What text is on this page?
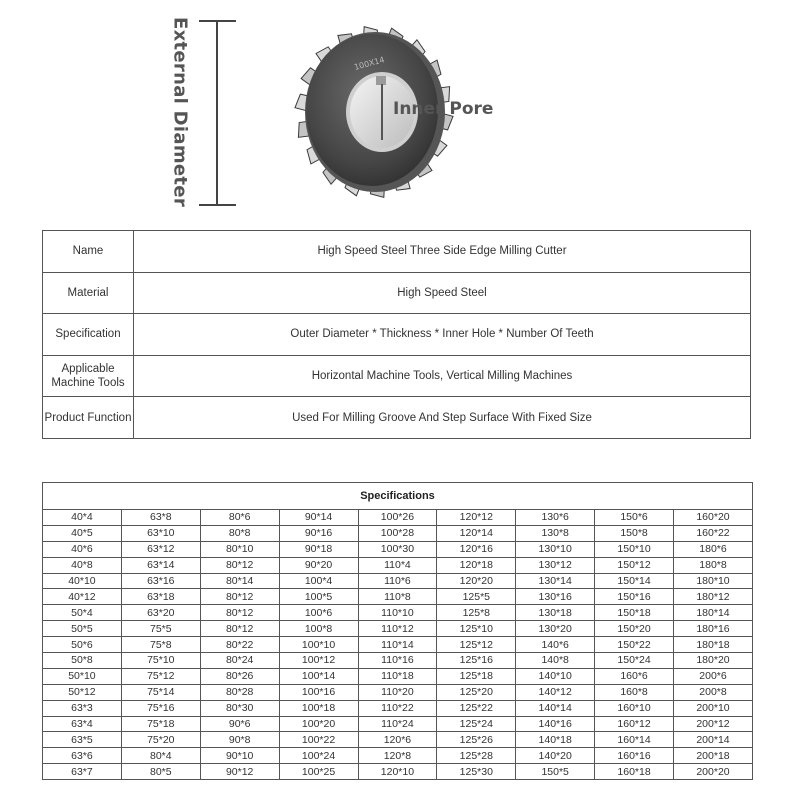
100X14
External Diameter	Inner Pore
Name	High Speed Steel Three Side Edge Milling Cutter
Material	High Speed Steel
Specification	Outer Diameter * Thickness * Inner Hole * Number Of Teeth
Applicable Machine Tools	Horizontal Machine Tools, Vertical Milling Machines
Product Function	Used For Milling Groove And Step Surface With Fixed Size
Specifications								
40*4	63*8	80*6	90*14	100*26	120*12	130*6	150*6	160*20
40*5	63*10	80*8	90*16	100*28	120*14	130*8	150*8	160*22
40*6	63*12	80*10	90*18	100*30	120*16	130*10	150*10	180*6
40*8	63*14	80*12	90*20	110*4	120*18	130*12	150*12	180*8
40*10	63*16	80*14	100*4	110*6	120*20	130*14	150*14	180*10
40*12	63*18	80*12	100*5	110*8	125*5	130*16	150*16	180*12
50*4	63*20	80*12	100*6	110*10	125*8	130*18	150*18	180*14
50*5	75*5	80*12	100*8	110*12	125*10	130*20	150*20	180*16
50*6	75*8	80*22	100*10	110*14	125*12	140*6	150*22	180*18
50*8	75*10	80*24	100*12	110*16	125*16	140*8	150*24	180*20
50*10	75*12	80*26	100*14	110*18	125*18	140*10	160*6	200*6
50*12	75*14	80*28	100*16	110*20	125*20	140*12	160*8	200*8
63*3	75*16	80*30	100*18	110*22	125*22	140*14	160*10	200*10
63*4	75*18	90*6	100*20	110*24	125*24	140*16	160*12	200*12
63*5	75*20	90*8	100*22	120*6	125*26	140*18	160*14	200*14
63*6	80*4	90*10	100*24	120*8	125*28	140*20	160*16	200*18
63*7	80*5	90*12	100*25	120*10	125*30	150*5	160*18	200*20
